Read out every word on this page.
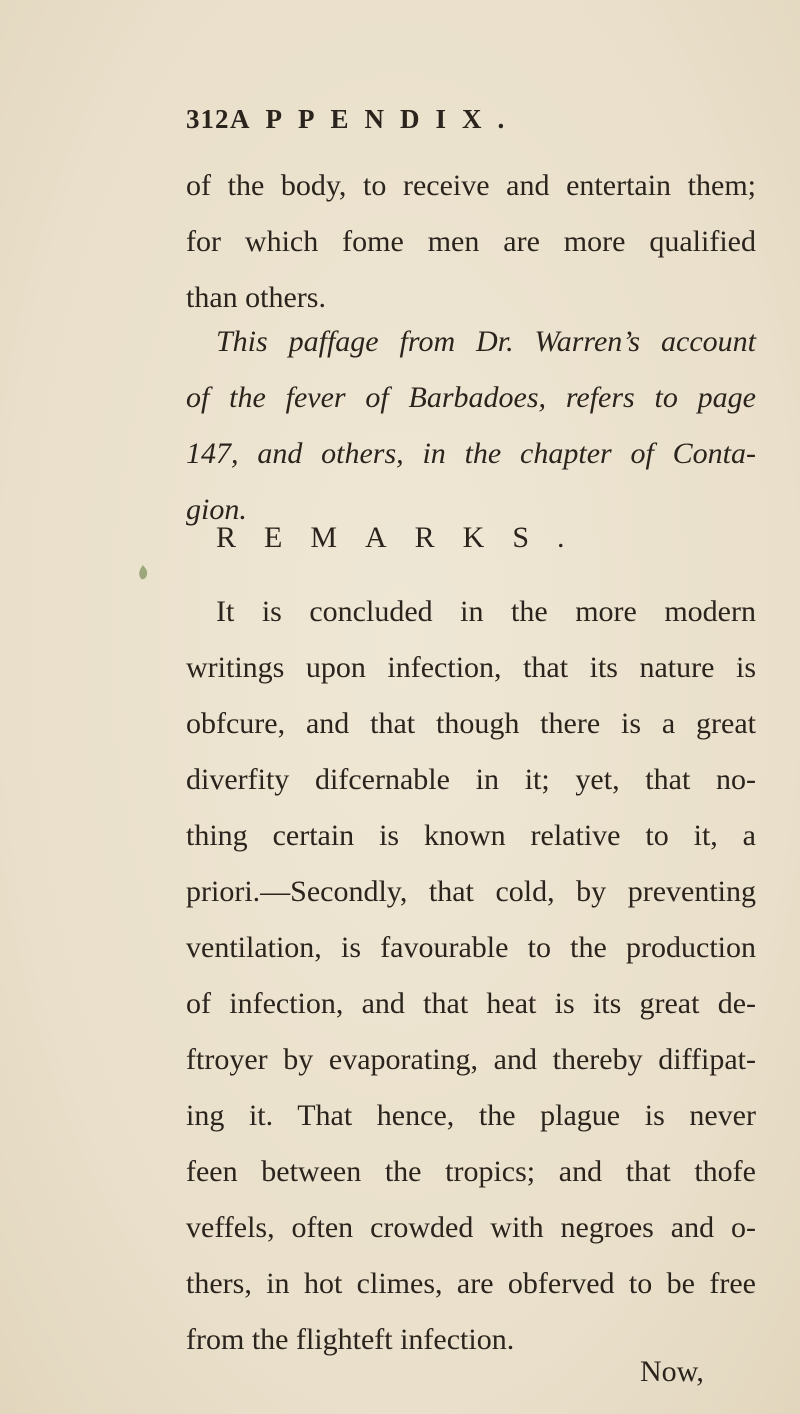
312 APPENDIX.
of the body, to receive and entertain them;
for which fome men are more qualified
than others.
This paffage from Dr. Warren’s account
of the fever of Barbadoes, refers to page
147, and others, in the chapter of Conta-
gion.
REMARKS.
It is concluded in the more modern
writings upon infection, that its nature is
obfcure, and that though there is a great
diverfity difcernable in it; yet, that no-
thing certain is known relative to it, a
priori.—Secondly, that cold, by preventing
ventilation, is favourable to the production
of infection, and that heat is its great de-
ftroyer by evaporating, and thereby diffipat-
ing it. That hence, the plague is never
feen between the tropics; and that thofe
veffels, often crowded with negroes and o-
thers, in hot climes, are obferved to be free
from the flighteft infection.
Now,
